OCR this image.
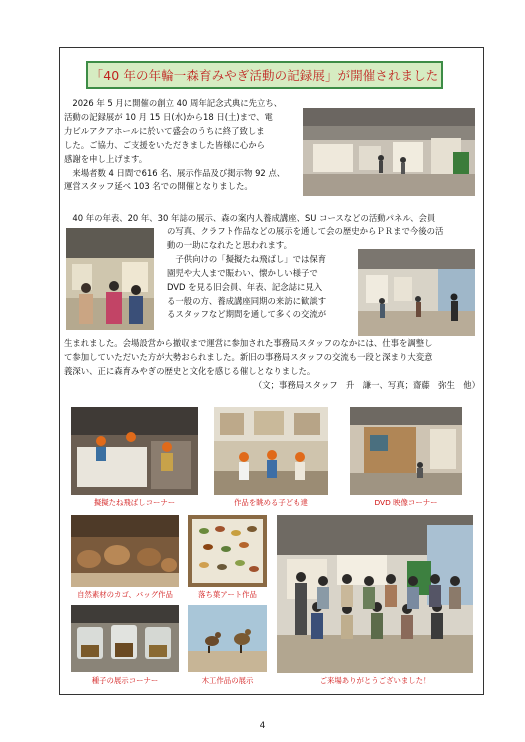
「40 年の年輪一森育みやぎ活動の記録展」が開催されました
　2026 年 5 月に開催の創立 40 周年記念式典に先立ち、
活動の記録展が 10 月 15 日(水)から18 日(土)まで、電
力ビルアクアホールに於いて盛会のうちに終了致しま
した。ご協力、ご支援をいただきました皆様に心から
感謝を申し上げます。
　来場者数 4 日間で616 名、展示作品及び掲示物 92 点、
運営スタッフ延べ 103 名での開催となりました。
　40 年の年表、20 年、30 年誌の展示、森の案内人養成講座、SU コースなどの活動パネル、会員
の写真、クラフト作品などの展示を通して会の歴史からＰＲまで今後の活
動の一助になれたと思われます。
　子供向けの「擬擬たね飛ばし」では保育
園児や大人まで賑わい、懐かしい様子で
DVD を見る旧会員、年表、記念誌に見入
る一般の方、養成講座同期の来訪に歓談す
るスタッフなど期間を通して多くの交流が
生まれました。会場設営から撤収まで運営に参加された事務局スタッフのなかには、仕事を調整し
て参加していただいた方が大勢おられました。新旧の事務局スタッフの交流も一段と深まり大変意
義深い、正に森育みやぎの歴史と文化を感じる催しとなりました。
（文；事務局スタッフ　升　謙一、写真；齋藤　弥生　他）
擬擬たね飛ばしコーナー	作品を眺める子ども達	DVD 映像コーナー
自然素材のカゴ、バッグ作品	落ち葉アート作品
ご来場ありがとうございました！
種子の展示コーナー	木工作品の展示
4
